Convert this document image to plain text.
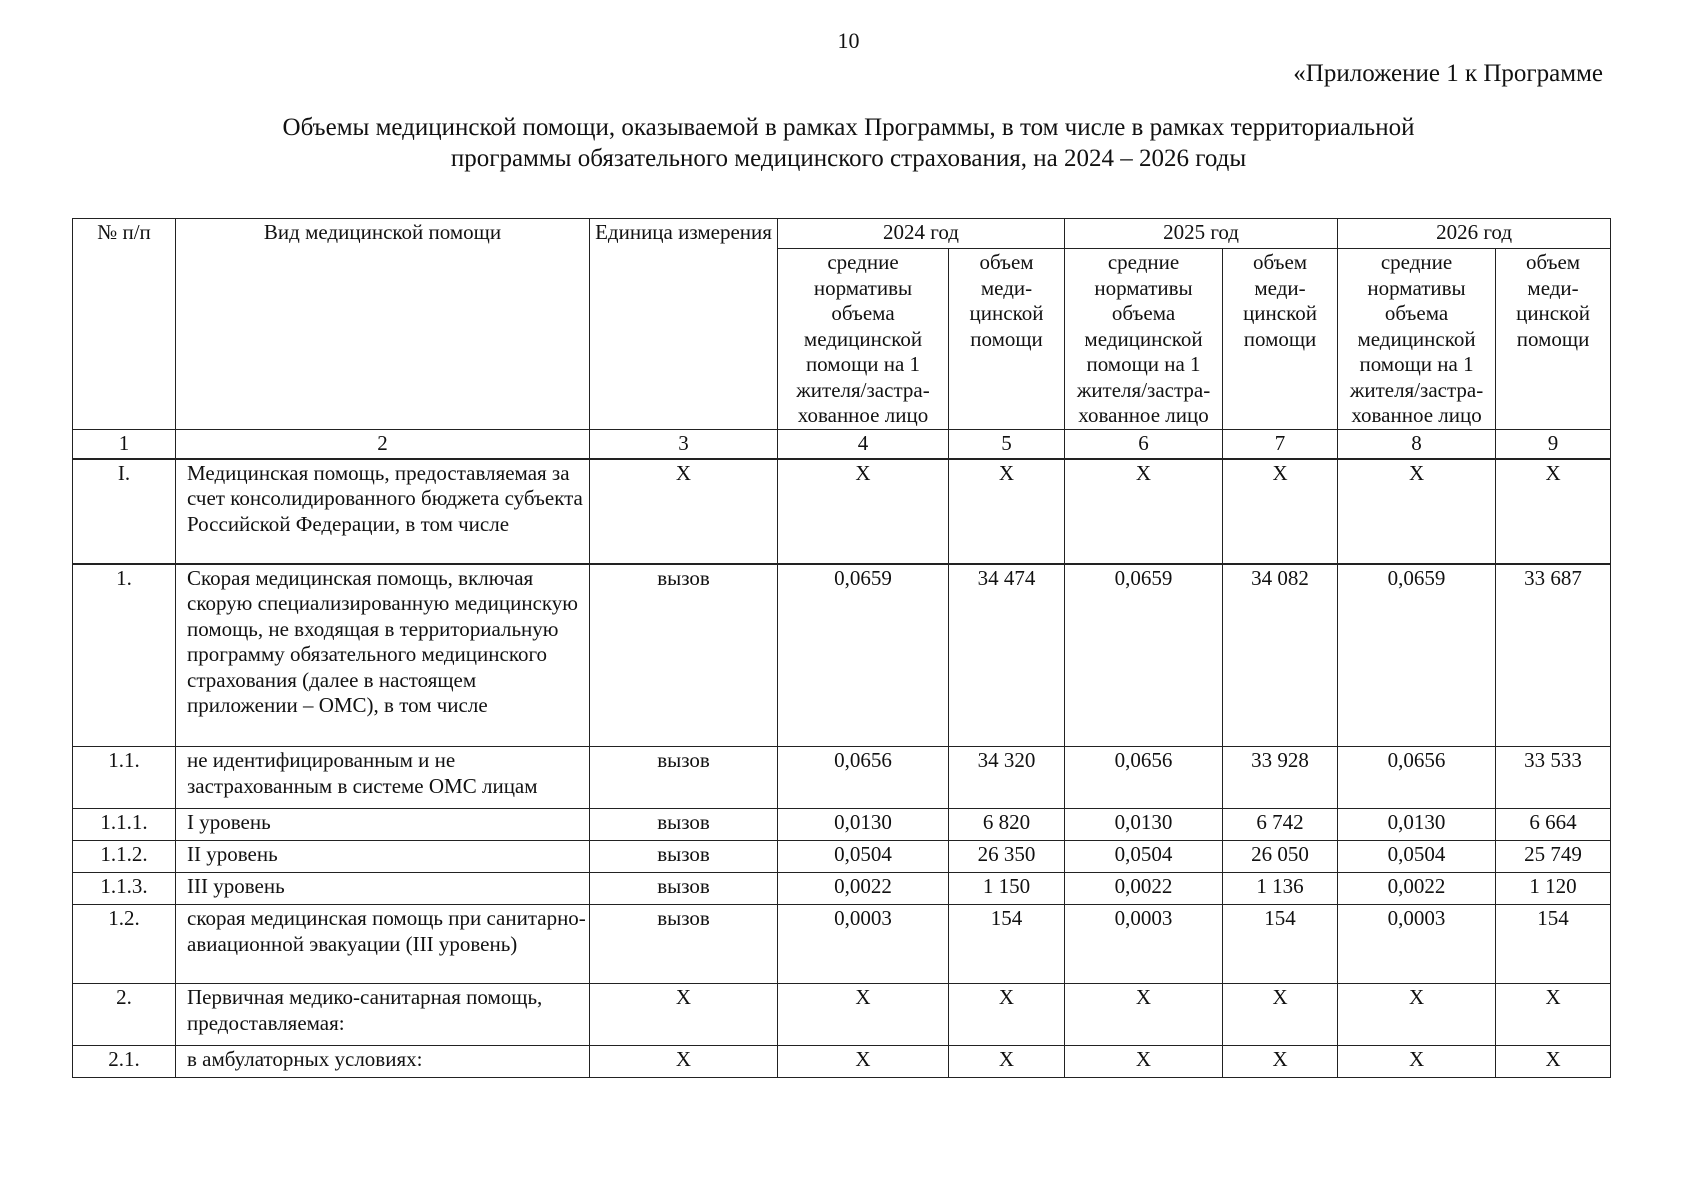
10
«Приложение 1 к Программе
Объемы медицинской помощи, оказываемой в рамках Программы, в том числе в рамках территориальной
программы обязательного медицинского страхования, на 2024 – 2026 годы
№ п/п	Вид медицинской помощи	Единица измерения	2024 год		2025 год		2026 год	
			средние нормативы объема медицинской помощи на 1 жителя/застра-хованное лицо	объем меди-цинской помощи	средние нормативы объема медицинской помощи на 1 жителя/застра-хованное лицо	объем меди-цинской помощи	средние нормативы объема медицинской помощи на 1 жителя/застра-хованное лицо	объем меди-цинской помощи
1	2	3	4	5	6	7	8	9
I.	Медицинская помощь, предоставляемая за счет консолидированного бюджета субъекта Российской Федерации, в том числе	X	X	X	X	X	X	X
1.	Скорая медицинская помощь, включая скорую специализированную медицинскую помощь, не входящая в территориальную программу обязательного медицинского страхования (далее в настоящем приложении – ОМС), в том числе	вызов	0,0659	34 474	0,0659	34 082	0,0659	33 687
1.1.	не идентифицированным и не застрахованным в системе ОМС лицам	вызов	0,0656	34 320	0,0656	33 928	0,0656	33 533
1.1.1.	I уровень	вызов	0,0130	6 820	0,0130	6 742	0,0130	6 664
1.1.2.	II уровень	вызов	0,0504	26 350	0,0504	26 050	0,0504	25 749
1.1.3.	III уровень	вызов	0,0022	1 150	0,0022	1 136	0,0022	1 120
1.2.	скорая медицинская помощь при санитарно-авиационной эвакуации (III уровень)	вызов	0,0003	154	0,0003	154	0,0003	154
2.	Первичная медико-санитарная помощь, предоставляемая:	X	X	X	X	X	X	X
2.1.	в амбулаторных условиях:	X	X	X	X	X	X	X
